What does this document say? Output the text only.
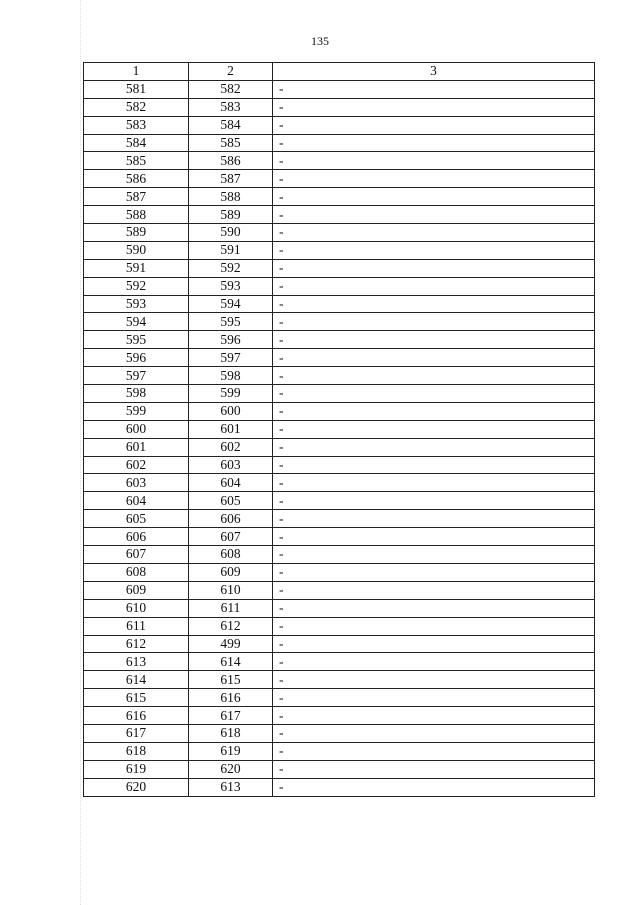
135
1	2	3
581	582	-
582	583	-
583	584	-
584	585	-
585	586	-
586	587	-
587	588	-
588	589	-
589	590	-
590	591	-
591	592	-
592	593	-
593	594	-
594	595	-
595	596	-
596	597	-
597	598	-
598	599	-
599	600	-
600	601	-
601	602	-
602	603	-
603	604	-
604	605	-
605	606	-
606	607	-
607	608	-
608	609	-
609	610	-
610	611	-
611	612	-
612	499	-
613	614	-
614	615	-
615	616	-
616	617	-
617	618	-
618	619	-
619	620	-
620	613	-
